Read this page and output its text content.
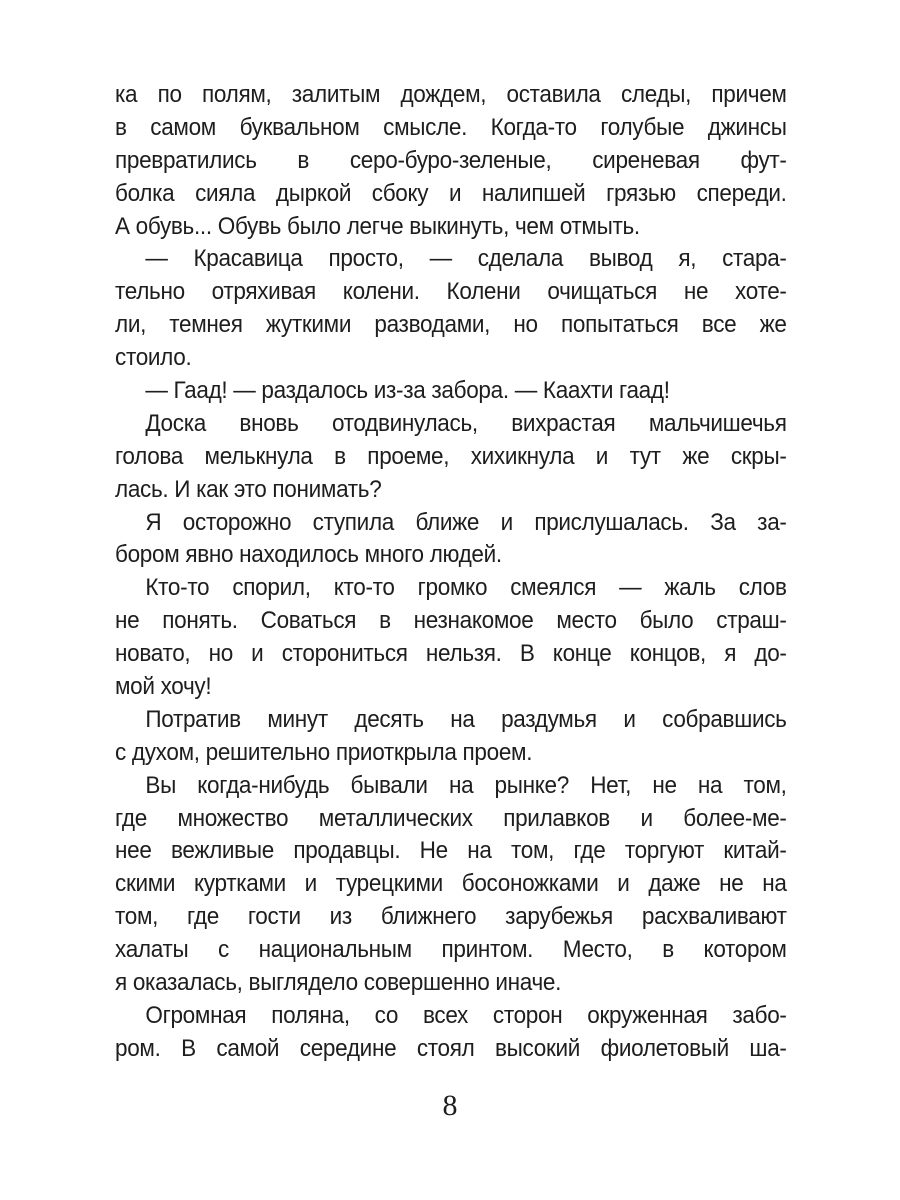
ка по полям, залитым дождем, оставила следы, причем
в самом буквальном смысле. Когда-то голубые джинсы
превратились в серо-буро-зеленые, сиреневая фут-
болка сияла дыркой сбоку и налипшей грязью спереди.
А обувь... Обувь было легче выкинуть, чем отмыть.
— Красавица просто, — сделала вывод я, стара-
тельно отряхивая колени. Колени очищаться не хоте-
ли, темнея жуткими разводами, но попытаться все же
стоило.
— Гаад! — раздалось из-за забора. — Каахти гаад!
Доска вновь отодвинулась, вихрастая мальчишечья
голова мелькнула в проеме, хихикнула и тут же скры-
лась. И как это понимать?
Я осторожно ступила ближе и прислушалась. За за-
бором явно находилось много людей.
Кто-то спорил, кто-то громко смеялся — жаль слов
не понять. Соваться в незнакомое место было страш-
новато, но и сторониться нельзя. В конце концов, я до-
мой хочу!
Потратив минут десять на раздумья и собравшись
с духом, решительно приоткрыла проем.
Вы когда-нибудь бывали на рынке? Нет, не на том,
где множество металлических прилавков и более-ме-
нее вежливые продавцы. Не на том, где торгуют китай-
скими куртками и турецкими босоножками и даже не на
том, где гости из ближнего зарубежья расхваливают
халаты с национальным принтом. Место, в котором
я оказалась, выглядело совершенно иначе.
Огромная поляна, со всех сторон окруженная забо-
ром. В самой середине стоял высокий фиолетовый ша-
8
